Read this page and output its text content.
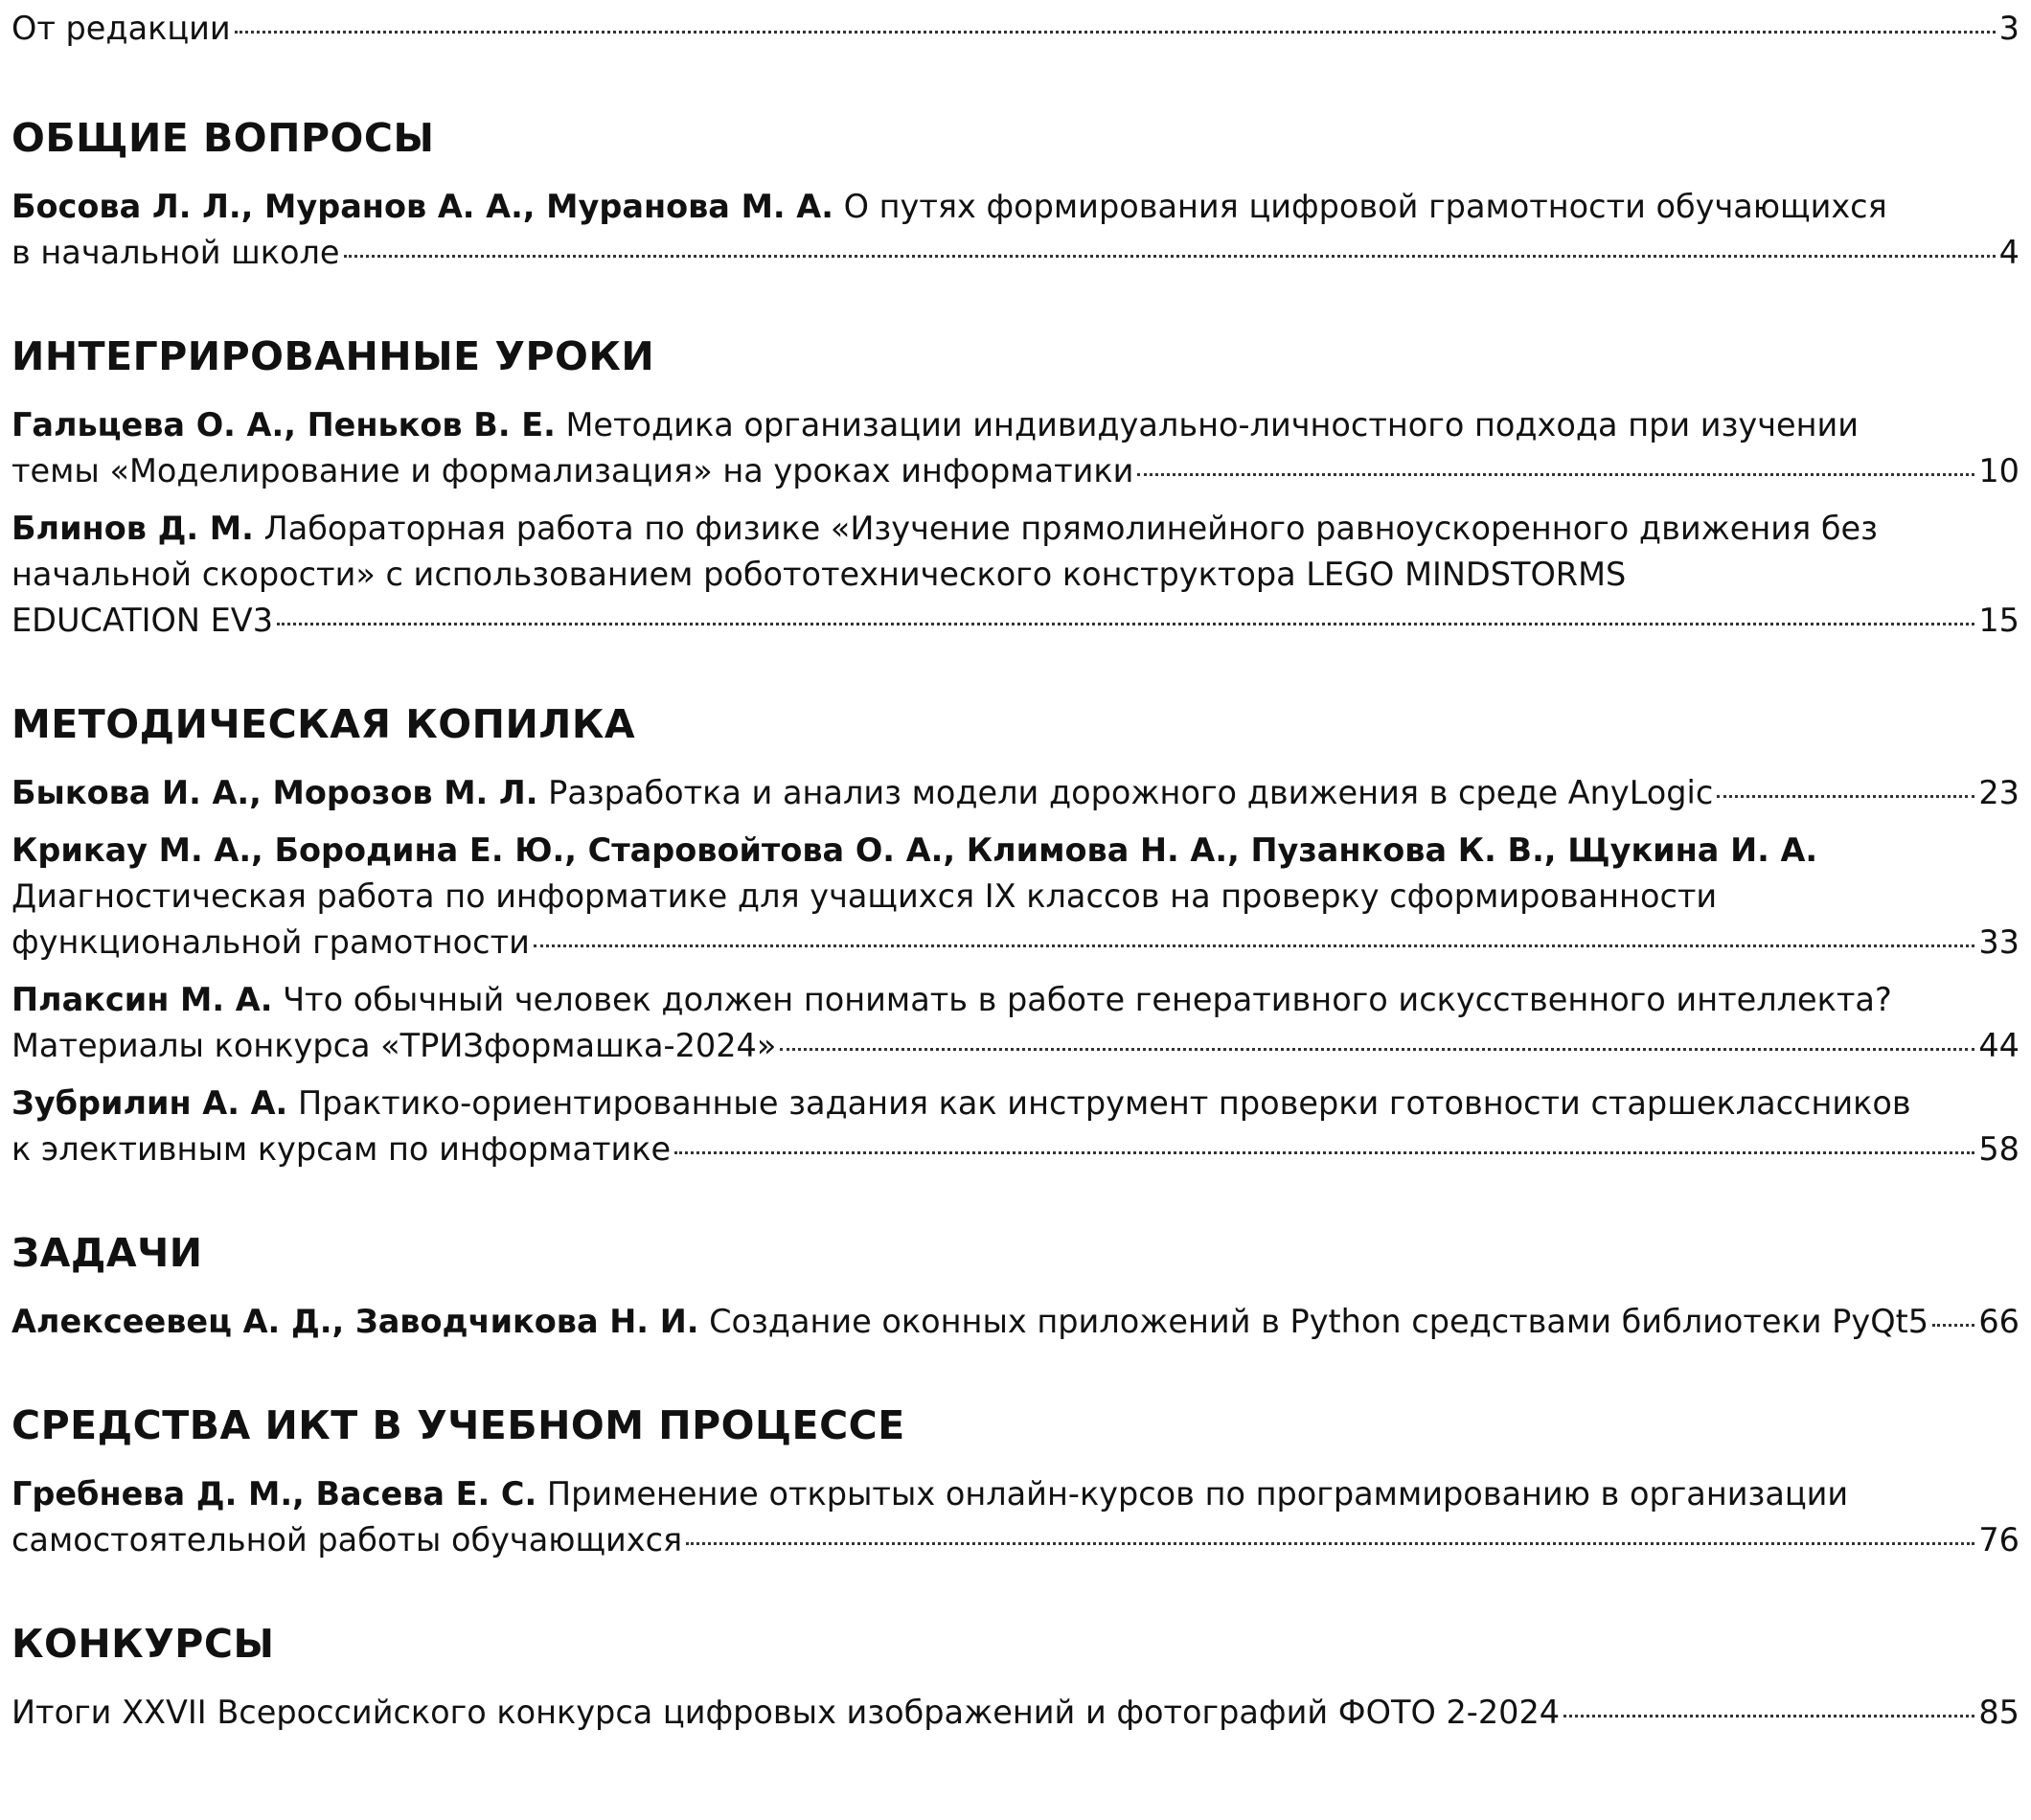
От редакции	3
ОБЩИЕ ВОПРОСЫ
Босова Л. Л., Муранов А. А., Муранова М. А. О путях формирования цифровой грамотности обучающихся
в начальной школе	4
ИНТЕГРИРОВАННЫЕ УРОКИ
Гальцева О. А., Пеньков В. Е. Методика организации индивидуально-личностного подхода при изучении
темы «Моделирование и формализация» на уроках информатики	10
Блинов Д. М. Лабораторная работа по физике «Изучение прямолинейного равноускоренного движения без начальной скорости» с использованием робототехнического конструктора LEGO MINDSTORMS
EDUCATION EV3	15
МЕТОДИЧЕСКАЯ КОПИЛКА
Быкова И. А., Морозов М. Л. Разработка и анализ модели дорожного движения в среде AnyLogic	23
Крикау М. А., Бородина Е. Ю., Старовойтова О. А., Климова Н. А., Пузанкова К. В., Щукина И. А.
Диагностическая работа по информатике для учащихся IX классов на проверку сформированности
функциональной грамотности	33
Плаксин М. А. Что обычный человек должен понимать в работе генеративного искусственного интеллекта?
Материалы конкурса «ТРИЗформашка-2024»	44
Зубрилин А. А. Практико-ориентированные задания как инструмент проверки готовности старшеклассников
к элективным курсам по информатике	58
ЗАДАЧИ
Алексеевец А. Д., Заводчикова Н. И. Создание оконных приложений в Python средствами библиотеки PyQt5 66
СРЕДСТВА ИКТ В УЧЕБНОМ ПРОЦЕССЕ
Гребнева Д. М., Васева Е. С. Применение открытых онлайн-курсов по программированию в организации
самостоятельной работы обучающихся	76
КОНКУРСЫ
Итоги XXVII Всероссийского конкурса цифровых изображений и фотографий ФОТО 2-2024	85
